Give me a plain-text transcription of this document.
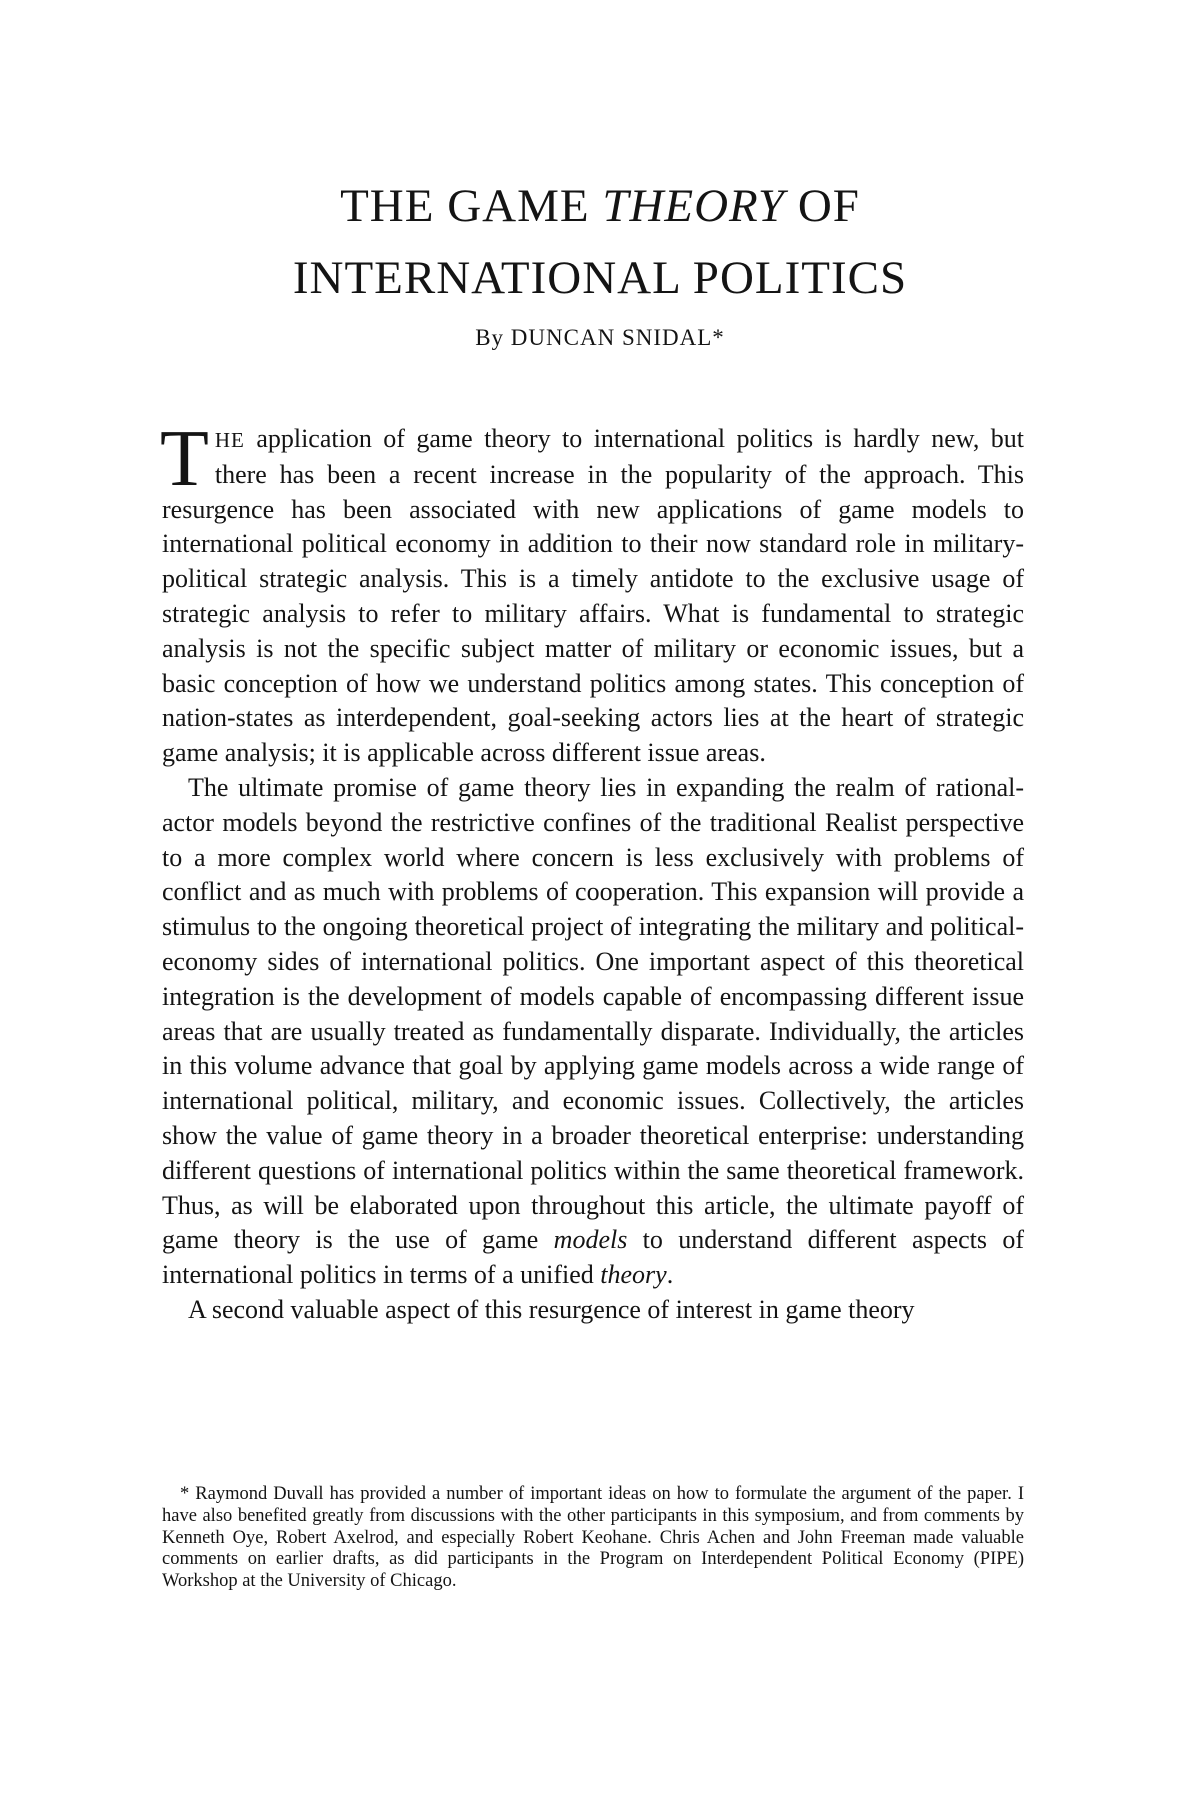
THE GAME THEORY OF
INTERNATIONAL POLITICS
By DUNCAN SNIDAL*

THE application of game theory to international politics is hardly new, but there has been a recent increase in the popularity of the approach. This resurgence has been associated with new applications of game models to international political economy in addition to their now standard role in military-political strategic analysis. This is a timely antidote to the exclusive usage of strategic analysis to refer to military affairs. What is fundamental to strategic analysis is not the specific subject matter of military or economic issues, but a basic conception of how we understand politics among states. This conception of nation-states as interdependent, goal-seeking actors lies at the heart of strategic game analysis; it is applicable across different issue areas.

The ultimate promise of game theory lies in expanding the realm of rational-actor models beyond the restrictive confines of the traditional Realist perspective to a more complex world where concern is less exclusively with problems of conflict and as much with problems of cooperation. This expansion will provide a stimulus to the ongoing theoretical project of integrating the military and political-economy sides of international politics. One important aspect of this theoretical integration is the development of models capable of encompassing different issue areas that are usually treated as fundamentally disparate. Individually, the articles in this volume advance that goal by applying game models across a wide range of international political, military, and economic issues. Collectively, the articles show the value of game theory in a broader theoretical enterprise: understanding different questions of international politics within the same theoretical framework. Thus, as will be elaborated upon throughout this article, the ultimate payoff of game theory is the use of game models to understand different aspects of international politics in terms of a unified theory.

A second valuable aspect of this resurgence of interest in game theory

* Raymond Duvall has provided a number of important ideas on how to formulate the argument of the paper. I have also benefited greatly from discussions with the other participants in this symposium, and from comments by Kenneth Oye, Robert Axelrod, and especially Robert Keohane. Chris Achen and John Freeman made valuable comments on earlier drafts, as did participants in the Program on Interdependent Political Economy (PIPE) Workshop at the University of Chicago.
